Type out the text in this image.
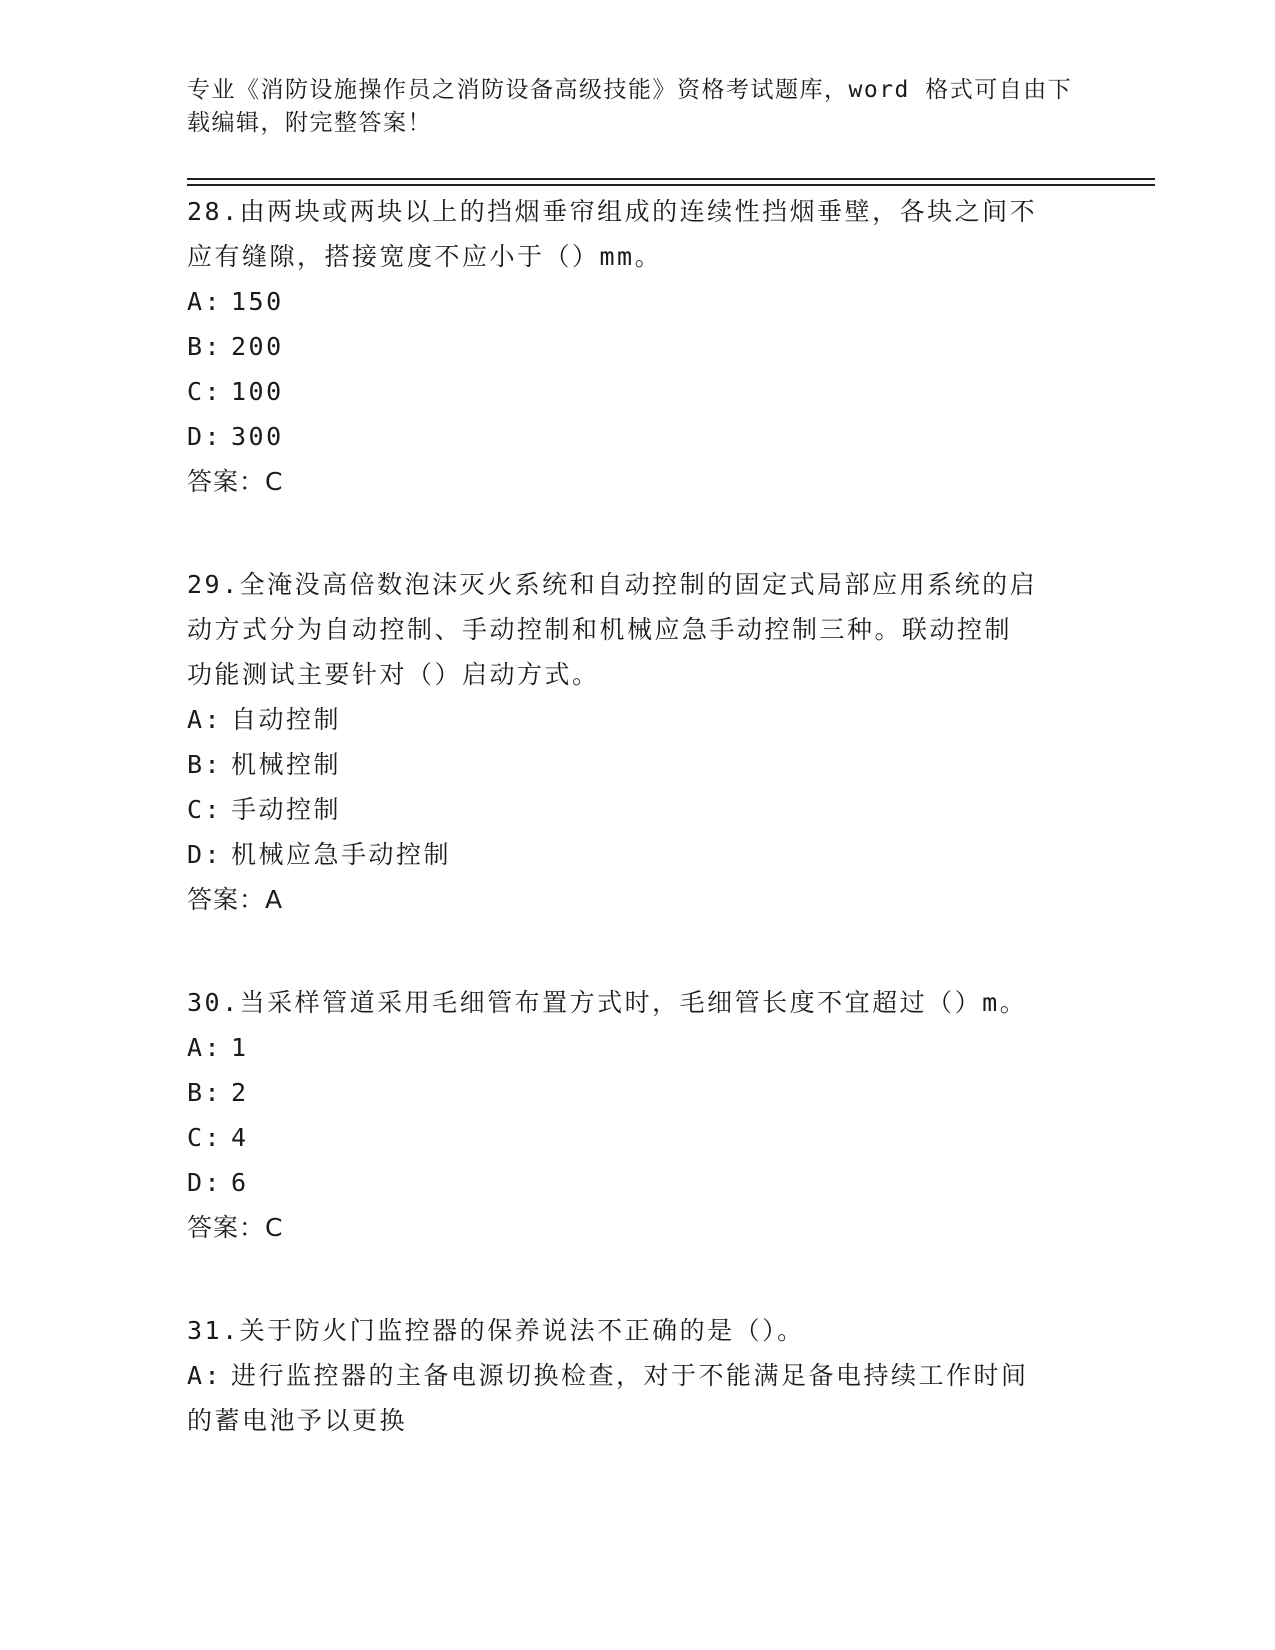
专业《消防设施操作员之消防设备高级技能》资格考试题库，word 格式可自由下

载编辑，附完整答案！

28.由两块或两块以上的挡烟垂帘组成的连续性挡烟垂壁，各块之间不
应有缝隙，搭接宽度不应小于（）mm。
A: 150
B: 200
C: 100
D: 300
答案：C
29.全淹没高倍数泡沫灭火系统和自动控制的固定式局部应用系统的启
动方式分为自动控制、手动控制和机械应急手动控制三种。联动控制
功能测试主要针对（）启动方式。
A: 自动控制
B: 机械控制
C: 手动控制
D: 机械应急手动控制
答案：A
30.当采样管道采用毛细管布置方式时，毛细管长度不宜超过（）m。
A: 1
B: 2
C: 4
D: 6
答案：C
31.关于防火门监控器的保养说法不正确的是（）。
A: 进行监控器的主备电源切换检查，对于不能满足备电持续工作时间
的蓄电池予以更换
